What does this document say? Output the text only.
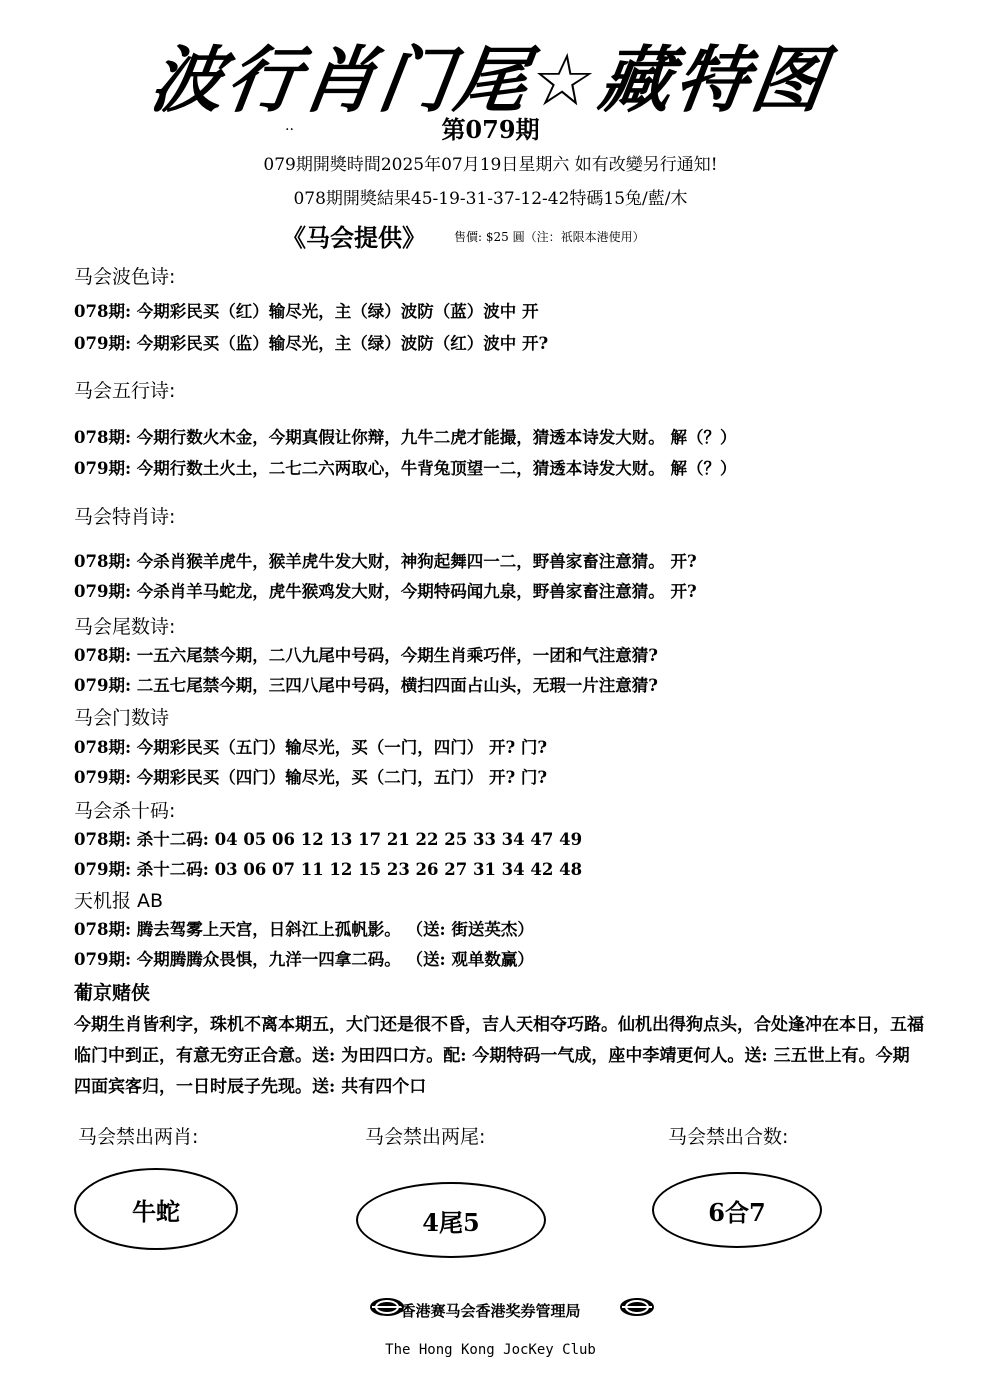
波行肖门尾☆藏特图
..	第079期
079期開獎時間2025年07月19日星期六 如有改變另行通知!
078期開獎結果45-19-31-37-12-42特碼15兔/藍/木
《马会提供》 售價: $25 圓（注：祇限本港使用）
马会波色诗:
078期: 今期彩民买（红）输尽光，主（绿）波防（蓝）波中 开
079期: 今期彩民买（监）输尽光，主（绿）波防（红）波中 开?
马会五行诗:
078期: 今期行数火木金，今期真假让你辩，九牛二虎才能撮，猜透本诗发大财。 解（？）
079期: 今期行数土火土，二七二六两取心，牛背兔顶望一二，猜透本诗发大财。 解（？）
马会特肖诗:
078期: 今杀肖猴羊虎牛，猴羊虎牛发大财，神狗起舞四一二，野兽家畜注意猜。 开?
079期: 今杀肖羊马蛇龙，虎牛猴鸡发大财，今期特码闻九泉，野兽家畜注意猜。 开?
马会尾数诗:
078期: 一五六尾禁今期，二八九尾中号码，今期生肖乘巧伴，一团和气注意猜?
079期: 二五七尾禁今期，三四八尾中号码，横扫四面占山头，无瑕一片注意猜?
马会门数诗
078期: 今期彩民买（五门）输尽光，买（一门，四门） 开? 门?
079期: 今期彩民买（四门）输尽光，买（二门，五门） 开? 门?
马会杀十码:
078期: 杀十二码: 04 05 06 12 13 17 21 22 25 33 34 47 49
079期: 杀十二码: 03 06 07 11 12 15 23 26 27 31 34 42 48
天机报 AB
078期: 腾去驾雾上天宫，日斜江上孤帆影。 （送: 街送英杰）
079期: 今期腾腾众畏惧，九洋一四拿二码。 （送: 观单数赢）
葡京赌侠
今期生肖皆利字，珠机不离本期五，大门还是很不昏，吉人天相夺巧路。仙机出得狗点头，合处逢冲在本日，五福临门中到正，有意无穷正合意。送: 为田四口方。配: 今期特码一气成，座中李靖更何人。送: 三五世上有。今期四面宾客归，一日时辰子先现。送: 共有四个口
马会禁出两肖:	马会禁出两尾:	马会禁出合数:
牛蛇	4尾5	6合7
香港赛马会香港奖券管理局
The Hong Kong JocKey Club
